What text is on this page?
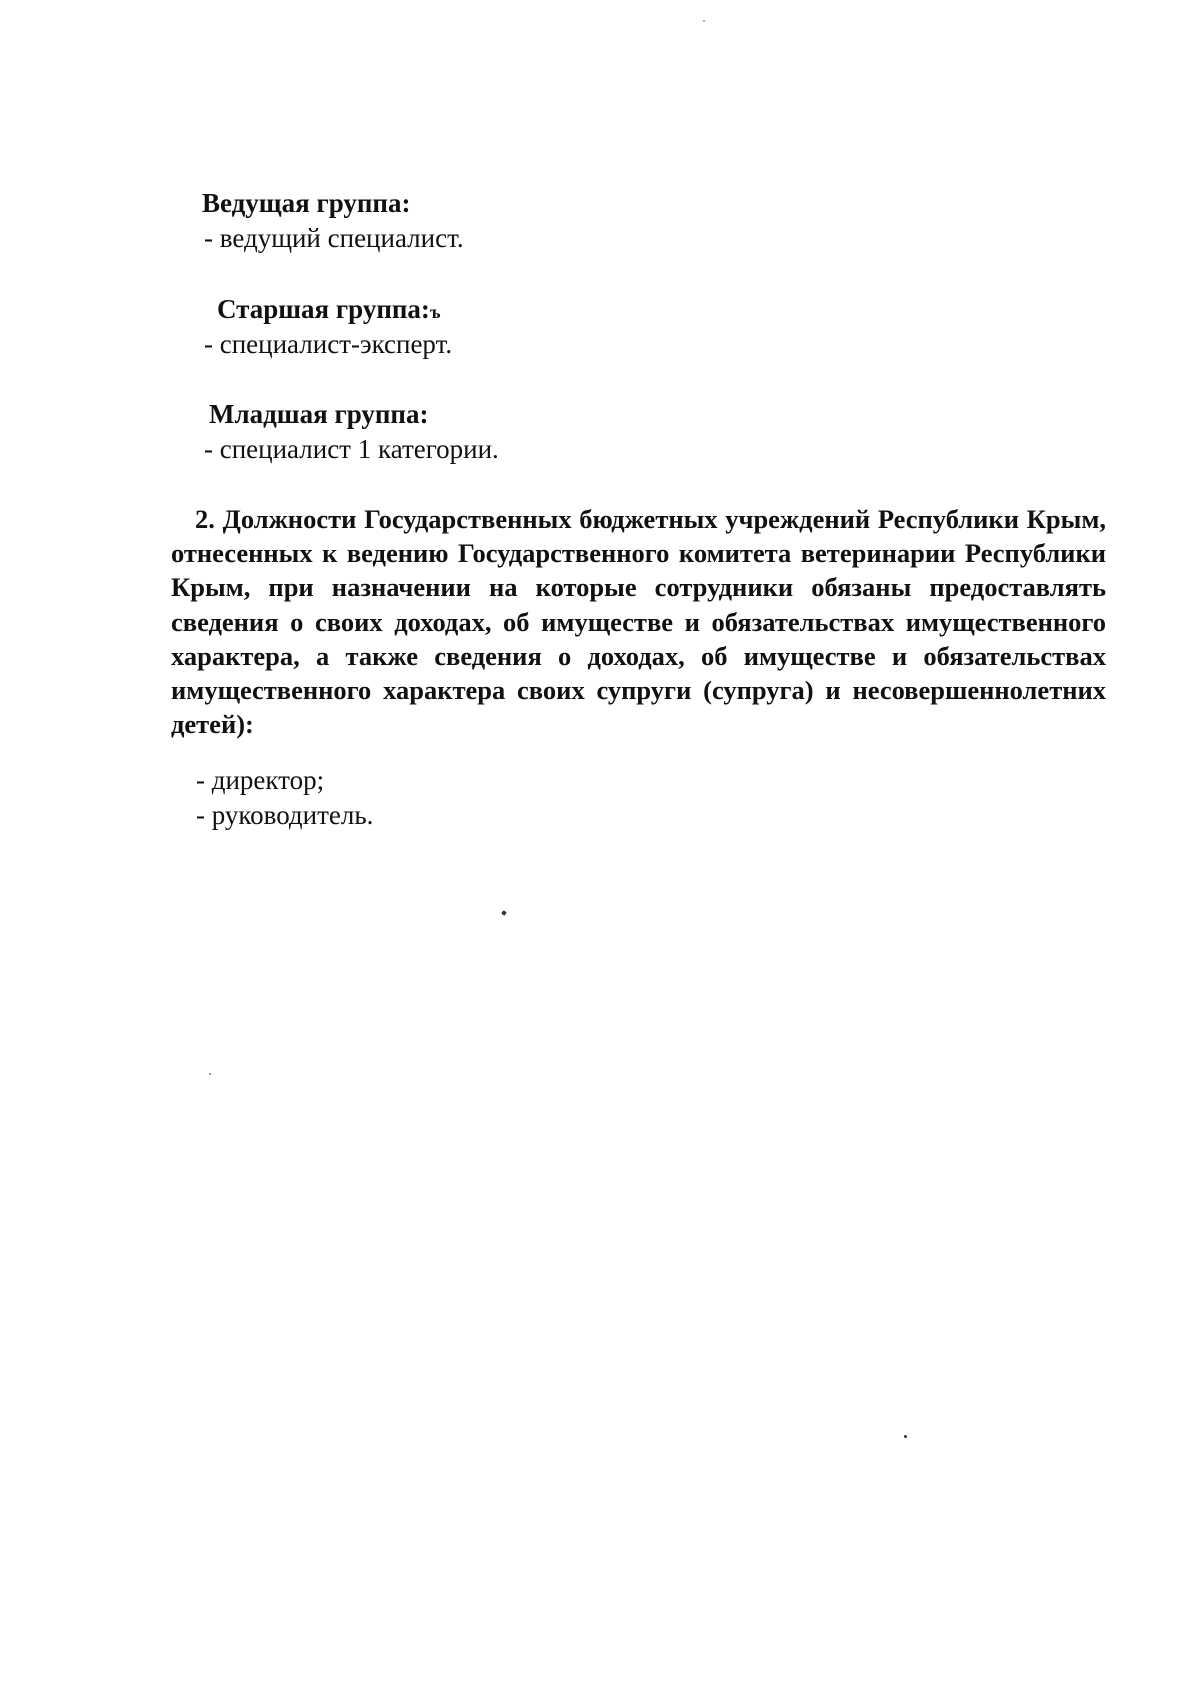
Ведущая группа:
- ведущий специалист.
Старшая группа:ъ
- специалист-эксперт.
Младшая группа:
- специалист 1 категории.
2. Должности Государственных бюджетных учреждений Республики Крым, отнесенных к ведению Государственного комитета ветеринарии Республики Крым, при назначении на которые сотрудники обязаны предоставлять сведения о своих доходах, об имуществе и обязательствах имущественного характера, а также сведения о доходах, об имуществе и обязательствах имущественного характера своих супруги (супруга) и несовершеннолетних детей):
- директор;
- руководитель.
